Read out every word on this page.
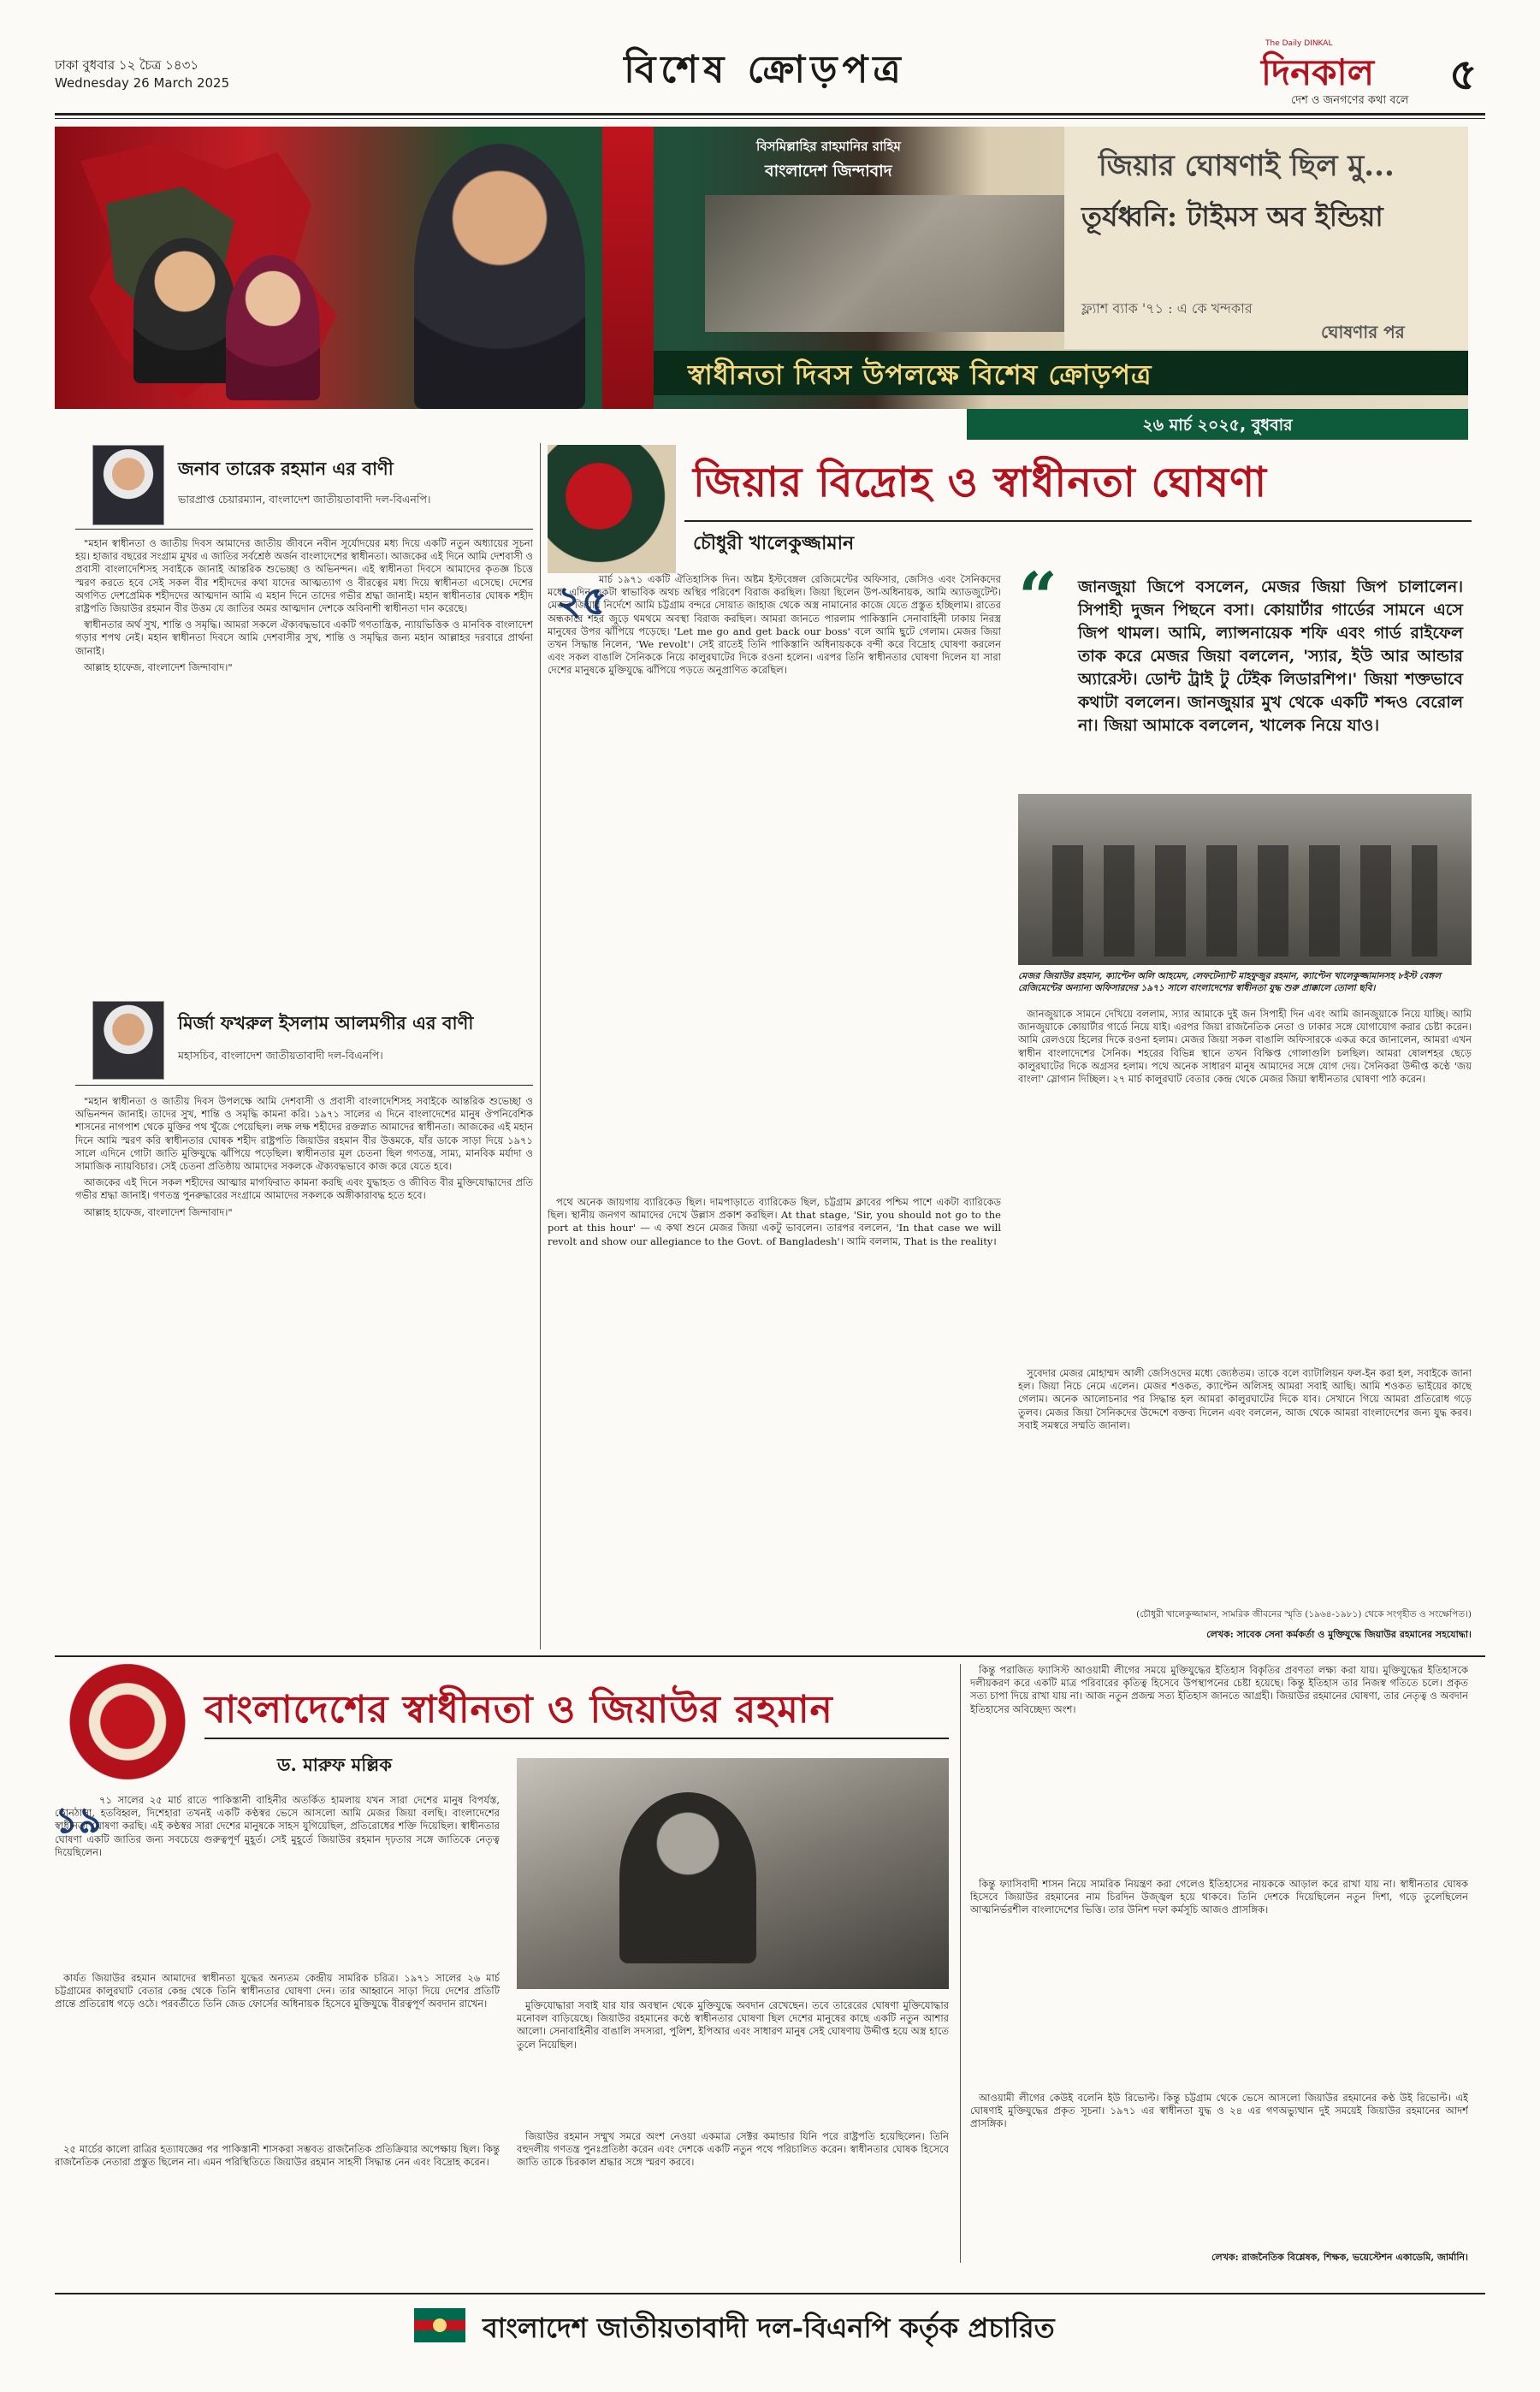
ঢাকা বুধবার ১২ চৈত্র ১৪৩১
Wednesday 26 March 2025	বিশেষ ক্রোড়পত্র
The Daily DINKAL
দিনকাল
দেশ ও জনগণের কথা বলে
৫
বিসমিল্লাহির রাহমানির রাহিম
বাংলাদেশ জিন্দাবাদ	জিয়ার ঘোষণাই ছিল মু...
তূর্যধ্বনি: টাইমস অব ইন্ডিয়া
ফ্ল্যাশ ব্যাক '৭১ : এ কে খন্দকার
ঘোষণার পর
স্বাধীনতা দিবস উপলক্ষে বিশেষ ক্রোড়পত্র
২৬ মার্চ ২০২৫, বুধবার
জনাব তারেক রহমান এর বাণী
ভারপ্রাপ্ত চেয়ারম্যান, বাংলাদেশ জাতীয়তাবাদী দল-বিএনপি।

"মহান স্বাধীনতা ও জাতীয় দিবস আমাদের জাতীয় জীবনে নবীন সূর্যোদয়ের মধ্য দিয়ে একটি নতুন অধ্যায়ের সূচনা হয়। হাজার বছরের সংগ্রাম মুখর এ জাতির সর্বশ্রেষ্ঠ অর্জন বাংলাদেশের স্বাধীনতা। আজকের এই দিনে আমি দেশবাসী ও প্রবাসী বাংলাদেশিসহ সবাইকে জানাই আন্তরিক শুভেচ্ছা ও অভিনন্দন। এই স্বাধীনতা দিবসে আমাদের কৃতজ্ঞ চিত্তে স্মরণ করতে হবে সেই সকল বীর শহীদদের কথা যাদের আত্মত্যাগ ও বীরত্বের মধ্য দিয়ে স্বাধীনতা এসেছে। দেশের অগণিত দেশপ্রেমিক শহীদদের আত্মদান আমি এ মহান দিনে তাদের গভীর শ্রদ্ধা জানাই। মহান স্বাধীনতার ঘোষক শহীদ রাষ্ট্রপতি জিয়াউর রহমান বীর উত্তম যে জাতির অমর আত্মদান দেশকে অবিনাশী স্বাধীনতা দান করেছে।

স্বাধীনতার অর্থ সুখ, শান্তি ও সমৃদ্ধি। আমরা সকলে ঐক্যবদ্ধভাবে একটি গণতান্ত্রিক, ন্যায়ভিত্তিক ও মানবিক বাংলাদেশ গড়ার শপথ নেই। মহান স্বাধীনতা দিবসে আমি দেশবাসীর সুখ, শান্তি ও সমৃদ্ধির জন্য মহান আল্লাহর দরবারে প্রার্থনা জানাই।

আল্লাহ হাফেজ, বাংলাদেশ জিন্দাবাদ।"

মির্জা ফখরুল ইসলাম আলমগীর এর বাণী
মহাসচিব, বাংলাদেশ জাতীয়তাবাদী দল-বিএনপি।

"মহান স্বাধীনতা ও জাতীয় দিবস উপলক্ষে আমি দেশবাসী ও প্রবাসী বাংলাদেশিসহ সবাইকে আন্তরিক শুভেচ্ছা ও অভিনন্দন জানাই। তাদের সুখ, শান্তি ও সমৃদ্ধি কামনা করি। ১৯৭১ সালের এ দিনে বাংলাদেশের মানুষ ঔপনিবেশিক শাসনের নাগপাশ থেকে মুক্তির পথ খুঁজে পেয়েছিল। লক্ষ লক্ষ শহীদের রক্তস্নাত আমাদের স্বাধীনতা। আজকের এই মহান দিনে আমি স্মরণ করি স্বাধীনতার ঘোষক শহীদ রাষ্ট্রপতি জিয়াউর রহমান বীর উত্তমকে, যাঁর ডাকে সাড়া দিয়ে ১৯৭১ সালে এদিনে গোটা জাতি মুক্তিযুদ্ধে ঝাঁপিয়ে পড়েছিল। স্বাধীনতার মূল চেতনা ছিল গণতন্ত্র, সাম্য, মানবিক মর্যাদা ও সামাজিক ন্যায়বিচার। সেই চেতনা প্রতিষ্ঠায় আমাদের সকলকে ঐক্যবদ্ধভাবে কাজ করে যেতে হবে।

আজকের এই দিনে সকল শহীদের আত্মার মাগফিরাত কামনা করছি এবং যুদ্ধাহত ও জীবিত বীর মুক্তিযোদ্ধাদের প্রতি গভীর শ্রদ্ধা জানাই। গণতন্ত্র পুনরুদ্ধারের সংগ্রামে আমাদের সকলকে অঙ্গীকারাবদ্ধ হতে হবে।

আল্লাহ হাফেজ, বাংলাদেশ জিন্দাবাদ।"

জিয়ার বিদ্রোহ ও স্বাধীনতা ঘোষণা
চৌধুরী খালেকুজ্জামান
২৫

মার্চ ১৯৭১ একটি ঐতিহাসিক দিন। অষ্টম ইস্টবেঙ্গল রেজিমেন্টের অফিসার, জেসিও এবং সৈনিকদের মধ্যে এদিন একটা স্বাভাবিক অথচ অস্থির পরিবেশ বিরাজ করছিল। জিয়া ছিলেন উপ-অধিনায়ক, আমি অ্যাডজুটেন্ট। মেজর জিয়ার নির্দেশে আমি চট্টগ্রাম বন্দরে সোয়াত জাহাজ থেকে অস্ত্র নামানোর কাজে যেতে প্রস্তুত হচ্ছিলাম। রাতের অন্ধকারে শহর জুড়ে থমথমে অবস্থা বিরাজ করছিল। আমরা জানতে পারলাম পাকিস্তানি সেনাবাহিনী ঢাকায় নিরস্ত্র মানুষের উপর ঝাঁপিয়ে পড়েছে। 'Let me go and get back our boss' বলে আমি ছুটে গেলাম। মেজর জিয়া তখন সিদ্ধান্ত নিলেন, 'We revolt'। সেই রাতেই তিনি পাকিস্তানি অধিনায়ককে বন্দী করে বিদ্রোহ ঘোষণা করলেন এবং সকল বাঙালি সৈনিককে নিয়ে কালুরঘাটের দিকে রওনা হলেন। এরপর তিনি স্বাধীনতার ঘোষণা দিলেন যা সারা দেশের মানুষকে মুক্তিযুদ্ধে ঝাঁপিয়ে পড়তে অনুপ্রাণিত করেছিল।

পথে অনেক জায়গায় ব্যারিকেড ছিল। দামপাড়াতে ব্যারিকেড ছিল, চট্টগ্রাম ক্লাবের পশ্চিম পাশে একটা ব্যারিকেড ছিল। স্থানীয় জনগণ আমাদের দেখে উল্লাস প্রকাশ করছিল। At that stage, 'Sir, you should not go to the port at this hour' — এ কথা শুনে মেজর জিয়া একটু ভাবলেন। তারপর বললেন, 'In that case we will revolt and show our allegiance to the Govt. of Bangladesh'। আমি বললাম, That is the reality।

“ জানজুয়া জিপে বসলেন, মেজর জিয়া জিপ চালালেন। সিপাহী দুজন পিছনে বসা। কোয়ার্টার গার্ডের সামনে এসে জিপ থামল। আমি, ল্যান্সনায়েক শফি এবং গার্ড রাইফেল তাক করে মেজর জিয়া বললেন, 'স্যার, ইউ আর আন্ডার অ্যারেস্ট। ডোন্ট ট্রাই টু টেইক লিডারশিপ।' জিয়া শক্তভাবে কথাটা বললেন। জানজুয়ার মুখ থেকে একটি শব্দও বেরোল না। জিয়া আমাকে বললেন, খালেক নিয়ে যাও।
মেজর জিয়াউর রহমান, ক্যাপ্টেন অলি আহমেদ, লেফটেন্যান্ট মাহফুজুর রহমান, ক্যাপ্টেন খালেকুজ্জামানসহ ৮ইস্ট বেঙ্গল রেজিমেন্টের অন্যান্য অফিসারদের ১৯৭১ সালে বাংলাদেশের স্বাধীনতা যুদ্ধ শুরু প্রাক্কালে তোলা ছবি।

জানজুয়াকে সামনে দেখিয়ে বললাম, স্যার আমাকে দুই জন সিপাহী দিন এবং আমি জানজুয়াকে নিয়ে যাচ্ছি। আমি জানজুয়াকে কোয়ার্টার গার্ডে নিয়ে যাই। এরপর জিয়া রাজনৈতিক নেতা ও ঢাকার সঙ্গে যোগাযোগ করার চেষ্টা করেন। আমি রেলওয়ে হিলের দিকে রওনা হলাম। মেজর জিয়া সকল বাঙালি অফিসারকে একত্র করে জানালেন, আমরা এখন স্বাধীন বাংলাদেশের সৈনিক। শহরের বিভিন্ন স্থানে তখন বিক্ষিপ্ত গোলাগুলি চলছিল। আমরা ষোলশহর ছেড়ে কালুরঘাটের দিকে অগ্রসর হলাম। পথে অনেক সাধারণ মানুষ আমাদের সঙ্গে যোগ দেয়। সৈনিকরা উদ্দীপ্ত কণ্ঠে 'জয় বাংলা' স্লোগান দিচ্ছিল। ২৭ মার্চ কালুরঘাট বেতার কেন্দ্র থেকে মেজর জিয়া স্বাধীনতার ঘোষণা পাঠ করেন।

সুবেদার মেজর মোহাম্মদ আলী জেসিওদের মধ্যে জ্যেষ্ঠতম। তাকে বলে ব্যাটালিয়ন ফল-ইন করা হল, সবাইকে জানা হল। জিয়া নিচে নেমে এলেন। মেজর শওকত, ক্যাপ্টেন অলিসহ আমরা সবাই আছি। আমি শওকত ভাইয়ের কাছে গেলাম। অনেক আলোচনার পর সিদ্ধান্ত হল আমরা কালুরঘাটের দিকে যাব। সেখানে গিয়ে আমরা প্রতিরোধ গড়ে তুলব। মেজর জিয়া সৈনিকদের উদ্দেশে বক্তব্য দিলেন এবং বললেন, আজ থেকে আমরা বাংলাদেশের জন্য যুদ্ধ করব। সবাই সমস্বরে সম্মতি জানাল।

(চৌধুরী খালেকুজ্জামান, সামরিক জীবনের স্মৃতি (১৯৬৪-১৯৮১) থেকে সংগৃহীত ও সংক্ষেপিত।)
লেখক: সাবেক সেনা কর্মকর্তা ও মুক্তিযুদ্ধে জিয়াউর রহমানের সহযোদ্ধা।
বাংলাদেশের স্বাধীনতা ও জিয়াউর রহমান
ড. মারুফ মল্লিক
১৯

৭১ সালের ২৫ মার্চ রাতে পাকিস্তানী বাহিনীর অতর্কিত হামলায় যখন সারা দেশের মানুষ বিপর্যস্ত, কোনঠাসা, হতবিহ্বল, দিশেহারা তখনই একটি কণ্ঠস্বর ভেসে আসলো আমি মেজর জিয়া বলছি। বাংলাদেশের স্বাধীনতা ঘোষণা করছি। এই কণ্ঠস্বর সারা দেশের মানুষকে সাহস যুগিয়েছিল, প্রতিরোধের শক্তি দিয়েছিল। স্বাধীনতার ঘোষণা একটি জাতির জন্য সবচেয়ে গুরুত্বপূর্ণ মুহূর্ত। সেই মুহূর্তে জিয়াউর রহমান দৃঢ়তার সঙ্গে জাতিকে নেতৃত্ব দিয়েছিলেন।

কার্যত জিয়াউর রহমান আমাদের স্বাধীনতা যুদ্ধের অন্যতম কেন্দ্রীয় সামরিক চরিত্র। ১৯৭১ সালের ২৬ মার্চ চট্টগ্রামের কালুরঘাট বেতার কেন্দ্র থেকে তিনি স্বাধীনতার ঘোষণা দেন। তার আহ্বানে সাড়া দিয়ে দেশের প্রতিটি প্রান্তে প্রতিরোধ গড়ে ওঠে। পরবর্তীতে তিনি জেড ফোর্সের অধিনায়ক হিসেবে মুক্তিযুদ্ধে বীরত্বপূর্ণ অবদান রাখেন।

২৫ মার্চের কালো রাত্রির হত্যাযজ্ঞের পর পাকিস্তানী শাসকরা সম্ভবত রাজনৈতিক প্রতিক্রিয়ার অপেক্ষায় ছিল। কিন্তু রাজনৈতিক নেতারা প্রস্তুত ছিলেন না। এমন পরিস্থিতিতে জিয়াউর রহমান সাহসী সিদ্ধান্ত নেন এবং বিদ্রোহ করেন।

মুক্তিযোদ্ধারা সবাই যার যার অবস্থান থেকে মুক্তিযুদ্ধে অবদান রেখেছেন। তবে তারেরের ঘোষণা মুক্তিযোদ্ধার মনোবল বাড়িয়েছে। জিয়াউর রহমানের কণ্ঠে স্বাধীনতার ঘোষণা ছিল দেশের মানুষের কাছে একটি নতুন আশার আলো। সেনাবাহিনীর বাঙালি সদস্যরা, পুলিশ, ইপিআর এবং সাধারণ মানুষ সেই ঘোষণায় উদ্দীপ্ত হয়ে অস্ত্র হাতে তুলে নিয়েছিল।

জিয়াউর রহমান সম্মুখ সমরে অংশ নেওয়া একমাত্র সেক্টর কমান্ডার যিনি পরে রাষ্ট্রপতি হয়েছিলেন। তিনি বহুদলীয় গণতন্ত্র পুনঃপ্রতিষ্ঠা করেন এবং দেশকে একটি নতুন পথে পরিচালিত করেন। স্বাধীনতার ঘোষক হিসেবে জাতি তাকে চিরকাল শ্রদ্ধার সঙ্গে স্মরণ করবে।

কিন্তু পরাজিত ফ্যাসিস্ট আওয়ামী লীগের সময়ে মুক্তিযুদ্ধের ইতিহাস বিকৃতির প্রবণতা লক্ষ্য করা যায়। মুক্তিযুদ্ধের ইতিহাসকে দলীয়করণ করে একটি মাত্র পরিবারের কৃতিত্ব হিসেবে উপস্থাপনের চেষ্টা হয়েছে। কিন্তু ইতিহাস তার নিজস্ব গতিতে চলে। প্রকৃত সত্য চাপা দিয়ে রাখা যায় না। আজ নতুন প্রজন্ম সত্য ইতিহাস জানতে আগ্রহী। জিয়াউর রহমানের ঘোষণা, তার নেতৃত্ব ও অবদান ইতিহাসের অবিচ্ছেদ্য অংশ।

কিন্তু ফ্যাসিবাদী শাসন নিয়ে সামরিক নিয়ন্ত্রণ করা গেলেও ইতিহাসের নায়ককে আড়াল করে রাখা যায় না। স্বাধীনতার ঘোষক হিসেবে জিয়াউর রহমানের নাম চিরদিন উজ্জ্বল হয়ে থাকবে। তিনি দেশকে দিয়েছিলেন নতুন দিশা, গড়ে তুলেছিলেন আত্মনির্ভরশীল বাংলাদেশের ভিত্তি। তার উনিশ দফা কর্মসূচি আজও প্রাসঙ্গিক।

আওয়ামী লীগের কেউই বলেনি ইউ রিভোল্ট। কিন্তু চট্টগ্রাম থেকে ভেসে আসলো জিয়াউর রহমানের কণ্ঠ উই রিভোল্ট। এই ঘোষণাই মুক্তিযুদ্ধের প্রকৃত সূচনা। ১৯৭১ এর স্বাধীনতা যুদ্ধ ও ২৪ এর গণঅভ্যুত্থান দুই সময়েই জিয়াউর রহমানের আদর্শ প্রাসঙ্গিক।

লেখক: রাজনৈতিক বিশ্লেষক, শিক্ষক, ভয়েস্টেশন একাডেমি, জার্মানি।
বাংলাদেশ জাতীয়তাবাদী দল-বিএনপি কর্তৃক প্রচারিত
